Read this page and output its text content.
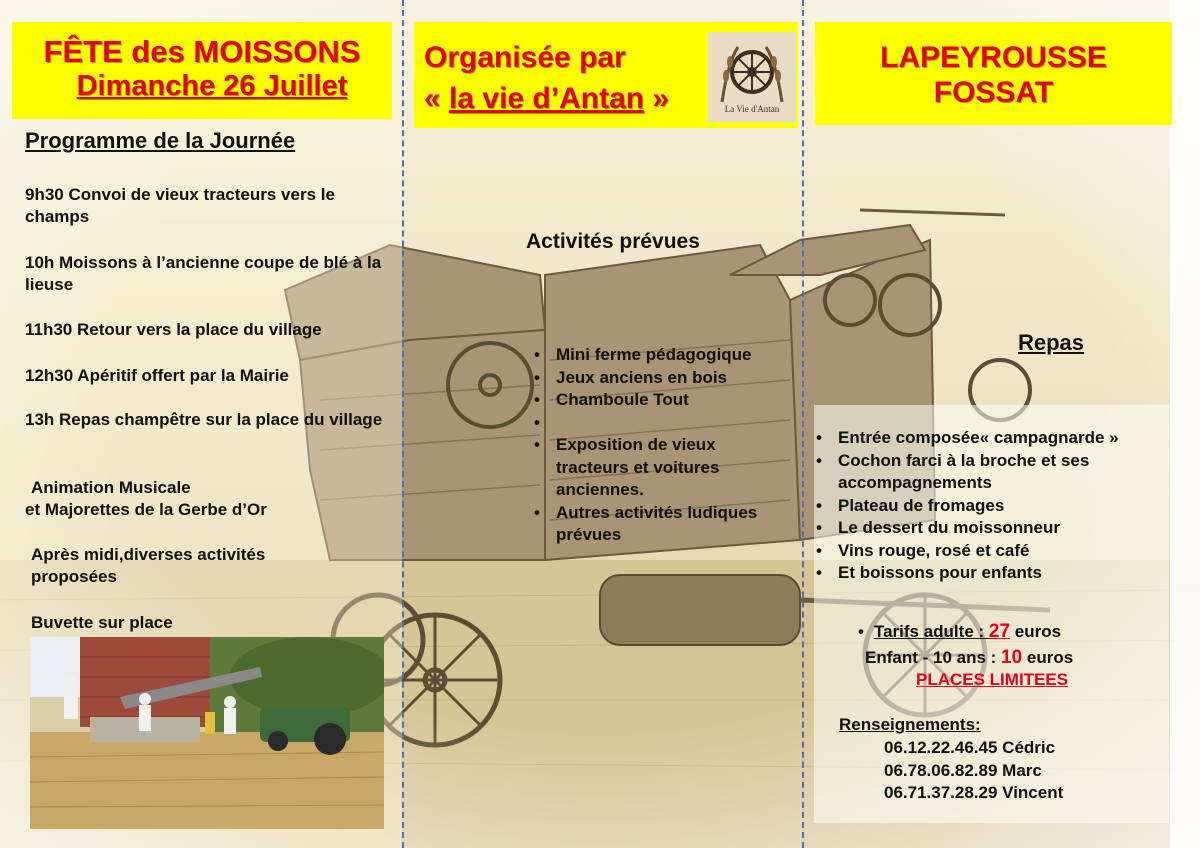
FÊTE des MOISSONS
Dimanche 26 Juillet
Programme de la Journée
9h30 Convoi de vieux tracteurs vers le champs
10h Moissons à l’ancienne coupe de blé à la lieuse
11h30 Retour vers la place du village
12h30 Apéritif offert par la Mairie
13h Repas champêtre sur la place du village
Animation Musicale
et Majorettes de la Gerbe d’Or
Après midi,diverses activités proposées
Buvette sur place
Organisée par
« la vie d’Antan »	La Vie d'Antan
Activités prévues
• Mini ferme pédagogique
• Jeux anciens en bois
• Chamboule Tout
•
• Exposition de vieux tracteurs et voitures anciennes.
• Autres activités ludiques prévues
LAPEYROUSSE
FOSSAT
Repas
• Entrée composée« campagnarde »
• Cochon farci à la broche et ses accompagnements
• Plateau de fromages
• Le dessert du moissonneur
• Vins rouge, rosé et café
• Et boissons pour enfants
• Tarifs adulte : 27 euros
Enfant - 10 ans : 10 euros
PLACES LIMITEES
Renseignements:
06.12.22.46.45 Cédric
06.78.06.82.89 Marc
06.71.37.28.29 Vincent
